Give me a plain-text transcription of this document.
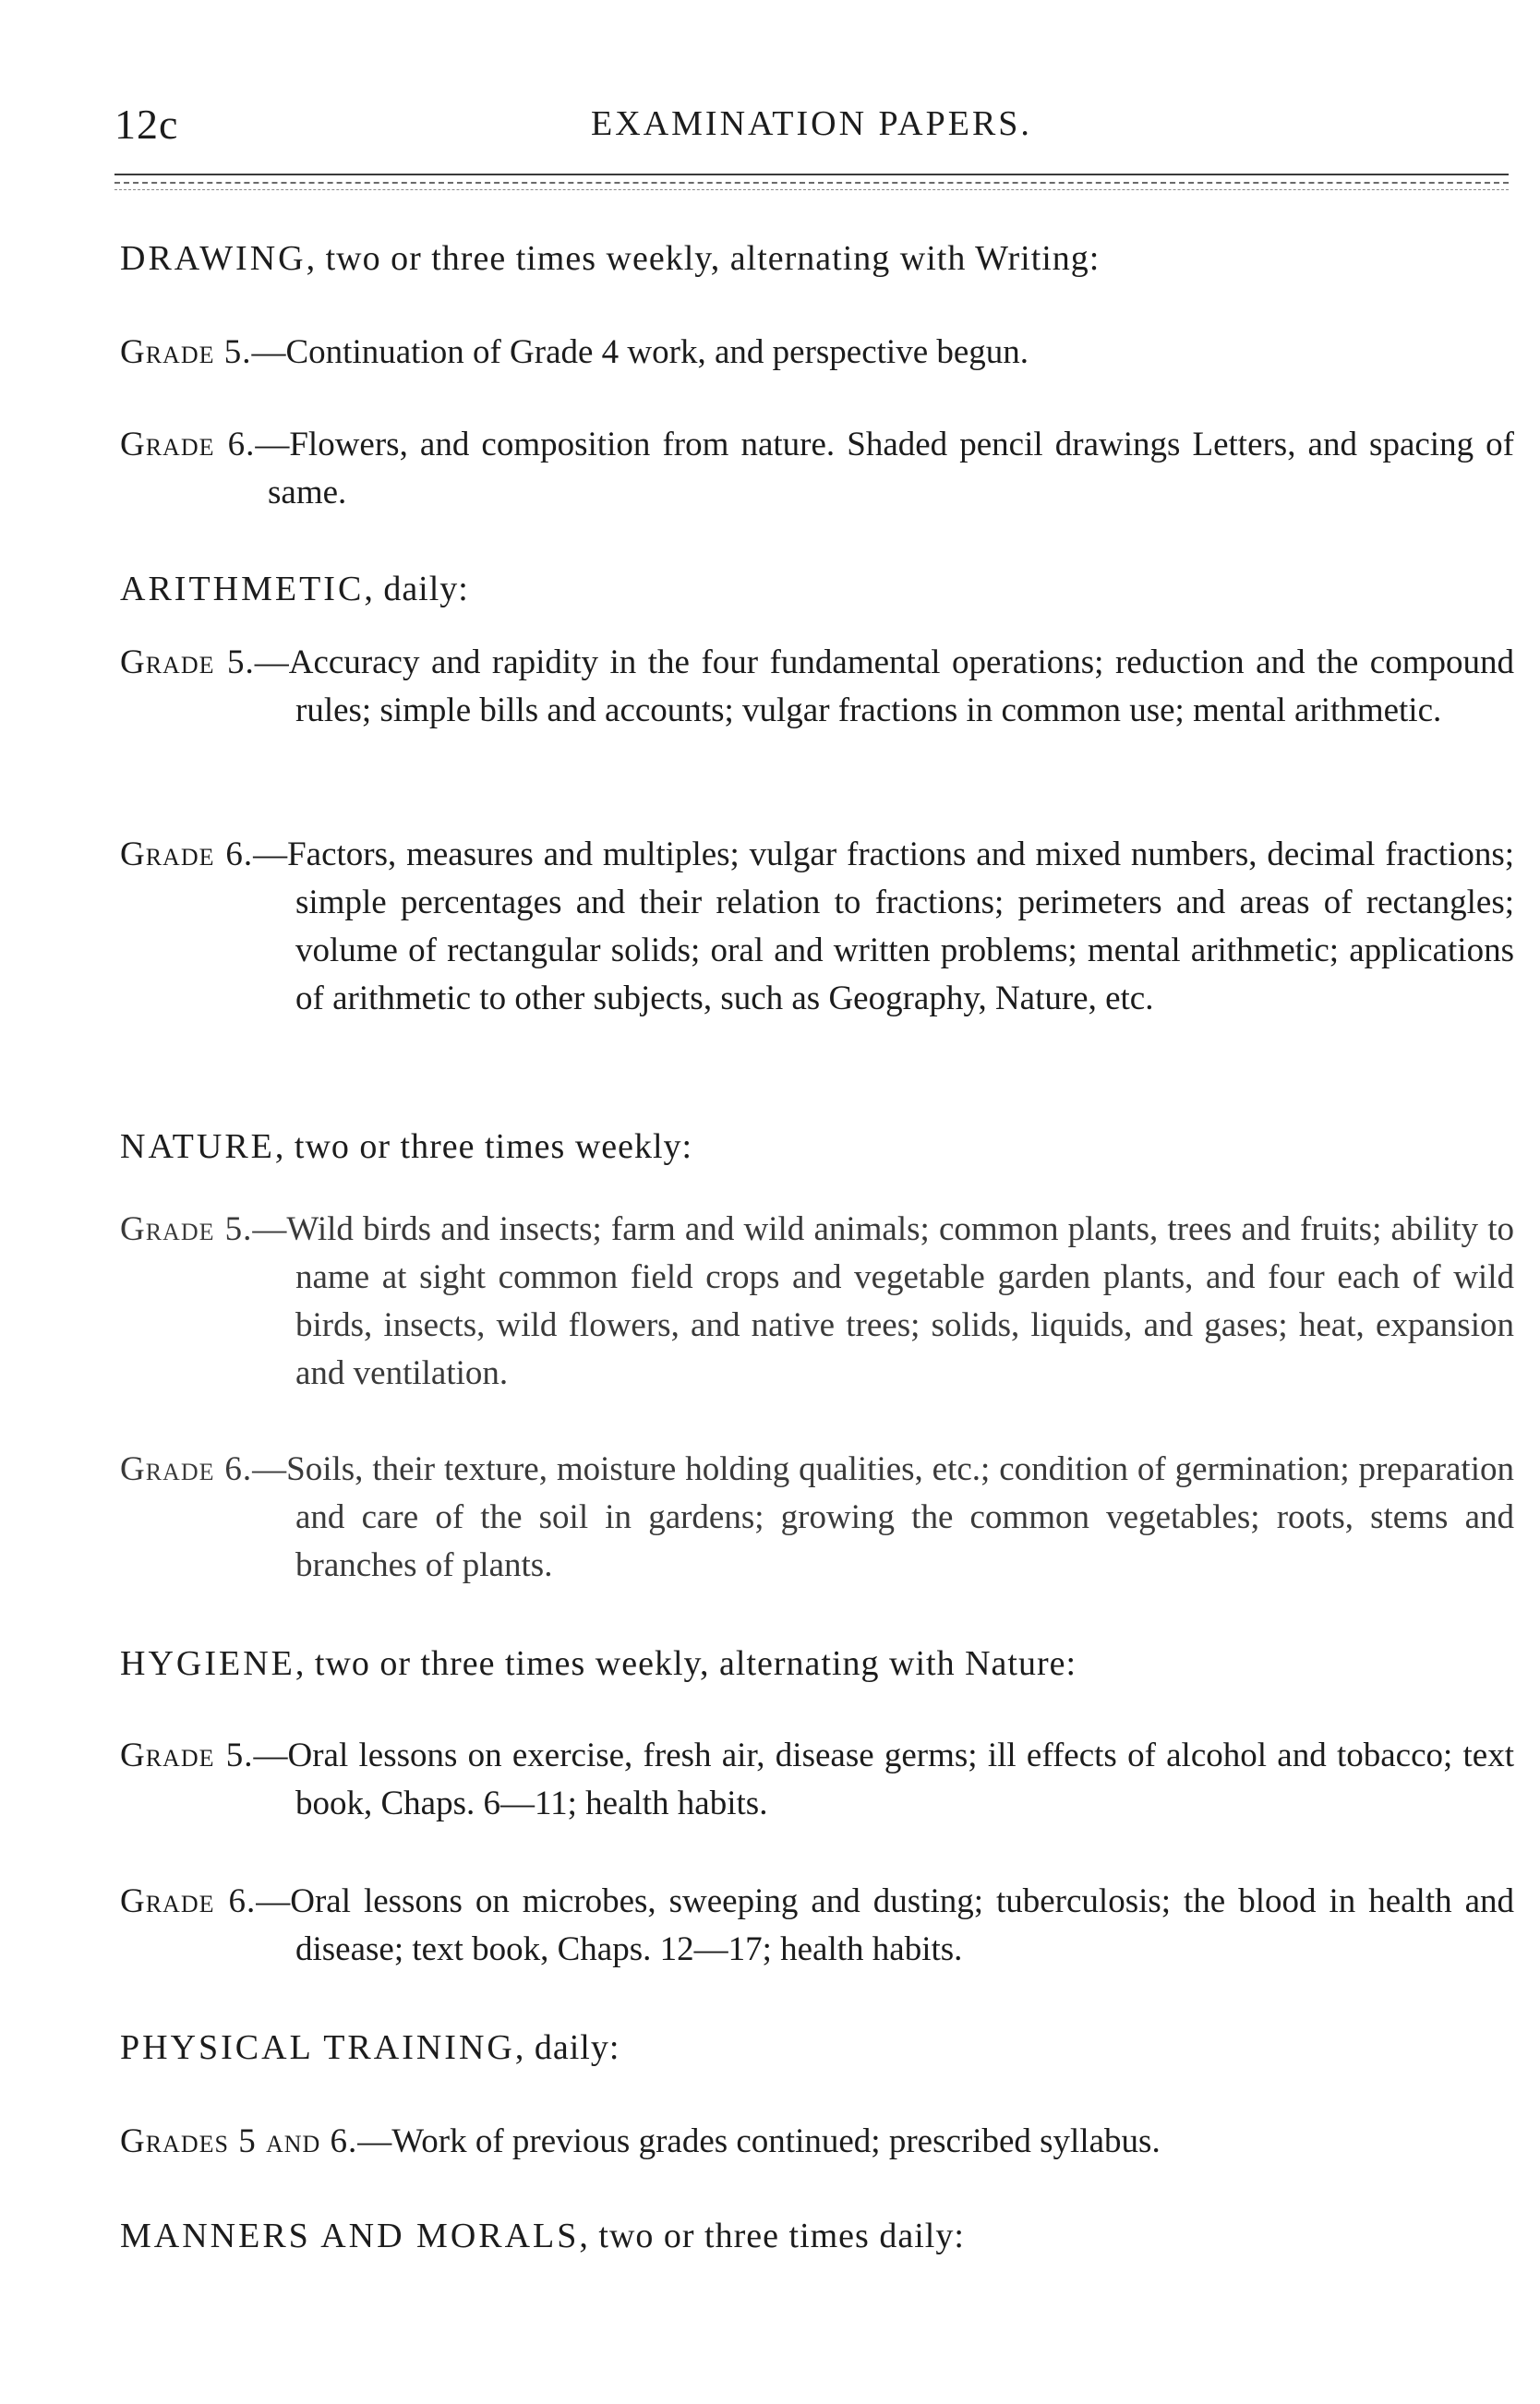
12c	EXAMINATION PAPERS.
DRAWING, two or three times weekly, alternating with Writing:
Grade 5.—Continuation of Grade 4 work, and perspective begun.
Grade 6.—Flowers, and composition from nature. Shaded pencil drawings Letters, and spacing of same.
ARITHMETIC, daily:
Grade 5.—Accuracy and rapidity in the four fundamental operations; reduction and the compound rules; simple bills and accounts; vulgar fractions in common use; mental arithmetic.
Grade 6.—Factors, measures and multiples; vulgar fractions and mixed numbers, decimal fractions; simple percentages and their relation to fractions; perimeters and areas of rectangles; volume of rectangular solids; oral and written problems; mental arithmetic; applications of arithmetic to other subjects, such as Geography, Nature, etc.
NATURE, two or three times weekly:
Grade 5.—Wild birds and insects; farm and wild animals; common plants, trees and fruits; ability to name at sight common field crops and vegetable garden plants, and four each of wild birds, insects, wild flowers, and native trees; solids, liquids, and gases; heat, expansion and ventilation.
Grade 6.—Soils, their texture, moisture holding qualities, etc.; condition of germination; preparation and care of the soil in gardens; growing the common vegetables; roots, stems and branches of plants.
HYGIENE, two or three times weekly, alternating with Nature:
Grade 5.—Oral lessons on exercise, fresh air, disease germs; ill effects of alcohol and tobacco; text book, Chaps. 6—11; health habits.
Grade 6.—Oral lessons on microbes, sweeping and dusting; tuberculosis; the blood in health and disease; text book, Chaps. 12—17; health habits.
PHYSICAL TRAINING, daily:
Grades 5 and 6.—Work of previous grades continued; prescribed syllabus.
MANNERS AND MORALS, two or three times daily:
